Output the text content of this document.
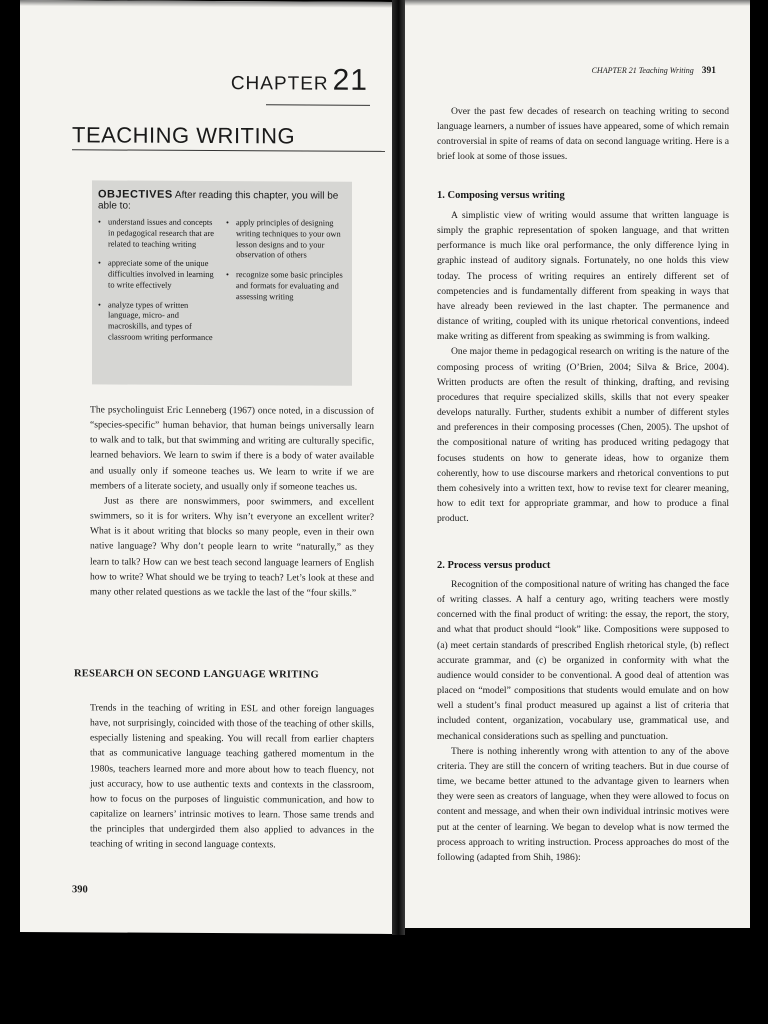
CHAPTER 21
TEACHING WRITING
OBJECTIVES After reading this chapter, you will be able to:
• understand issues and concepts in pedagogical research that are related to teaching writing
• appreciate some of the unique difficulties involved in learning to write effectively
• analyze types of written language, micro- and macroskills, and types of classroom writing performance
• apply principles of designing writing techniques to your own lesson designs and to your observation of others
• recognize some basic principles and formats for evaluating and assessing writing

The psycholinguist Eric Lenneberg (1967) once noted, in a discussion of “species-specific” human behavior, that human beings universally learn to walk and to talk, but that swimming and writing are culturally specific, learned behaviors. We learn to swim if there is a body of water available and usually only if someone teaches us. We learn to write if we are members of a literate society, and usually only if someone teaches us.

Just as there are nonswimmers, poor swimmers, and excellent swimmers, so it is for writers. Why isn’t everyone an excellent writer? What is it about writing that blocks so many people, even in their own native language? Why don’t people learn to write “naturally,” as they learn to talk? How can we best teach second language learners of English how to write? What should we be trying to teach? Let’s look at these and many other related questions as we tackle the last of the “four skills.”

RESEARCH ON SECOND LANGUAGE WRITING

Trends in the teaching of writing in ESL and other foreign languages have, not surprisingly, coincided with those of the teaching of other skills, especially listening and speaking. You will recall from earlier chapters that as communicative language teaching gathered momentum in the 1980s, teachers learned more and more about how to teach fluency, not just accuracy, how to use authentic texts and contexts in the classroom, how to focus on the purposes of linguistic communication, and how to capitalize on learners’ intrinsic motives to learn. Those same trends and the principles that undergirded them also applied to advances in the teaching of writing in second language contexts.

390
CHAPTER 21 Teaching Writing 391

Over the past few decades of research on teaching writing to second language learners, a number of issues have appeared, some of which remain controversial in spite of reams of data on second language writing. Here is a brief look at some of those issues.

1. Composing versus writing

A simplistic view of writing would assume that written language is simply the graphic representation of spoken language, and that written performance is much like oral performance, the only difference lying in graphic instead of auditory signals. Fortunately, no one holds this view today. The process of writing requires an entirely different set of competencies and is fundamentally different from speaking in ways that have already been reviewed in the last chapter. The permanence and distance of writing, coupled with its unique rhetorical conventions, indeed make writing as different from speaking as swimming is from walking.

One major theme in pedagogical research on writing is the nature of the composing process of writing (O’Brien, 2004; Silva & Brice, 2004). Written products are often the result of thinking, drafting, and revising procedures that require specialized skills, skills that not every speaker develops naturally. Further, students exhibit a number of different styles and preferences in their composing processes (Chen, 2005). The upshot of the compositional nature of writing has produced writing pedagogy that focuses students on how to generate ideas, how to organize them coherently, how to use discourse markers and rhetorical conventions to put them cohesively into a written text, how to revise text for clearer meaning, how to edit text for appropriate grammar, and how to produce a final product.

2. Process versus product

Recognition of the compositional nature of writing has changed the face of writing classes. A half a century ago, writing teachers were mostly concerned with the final product of writing: the essay, the report, the story, and what that product should “look” like. Compositions were supposed to (a) meet certain standards of prescribed English rhetorical style, (b) reflect accurate grammar, and (c) be organized in conformity with what the audience would consider to be conventional. A good deal of attention was placed on “model” compositions that students would emulate and on how well a student’s final product measured up against a list of criteria that included content, organization, vocabulary use, grammatical use, and mechanical considerations such as spelling and punctuation.

There is nothing inherently wrong with attention to any of the above criteria. They are still the concern of writing teachers. But in due course of time, we became better attuned to the advantage given to learners when they were seen as creators of language, when they were allowed to focus on content and message, and when their own individual intrinsic motives were put at the center of learning. We began to develop what is now termed the process approach to writing instruction. Process approaches do most of the following (adapted from Shih, 1986):
